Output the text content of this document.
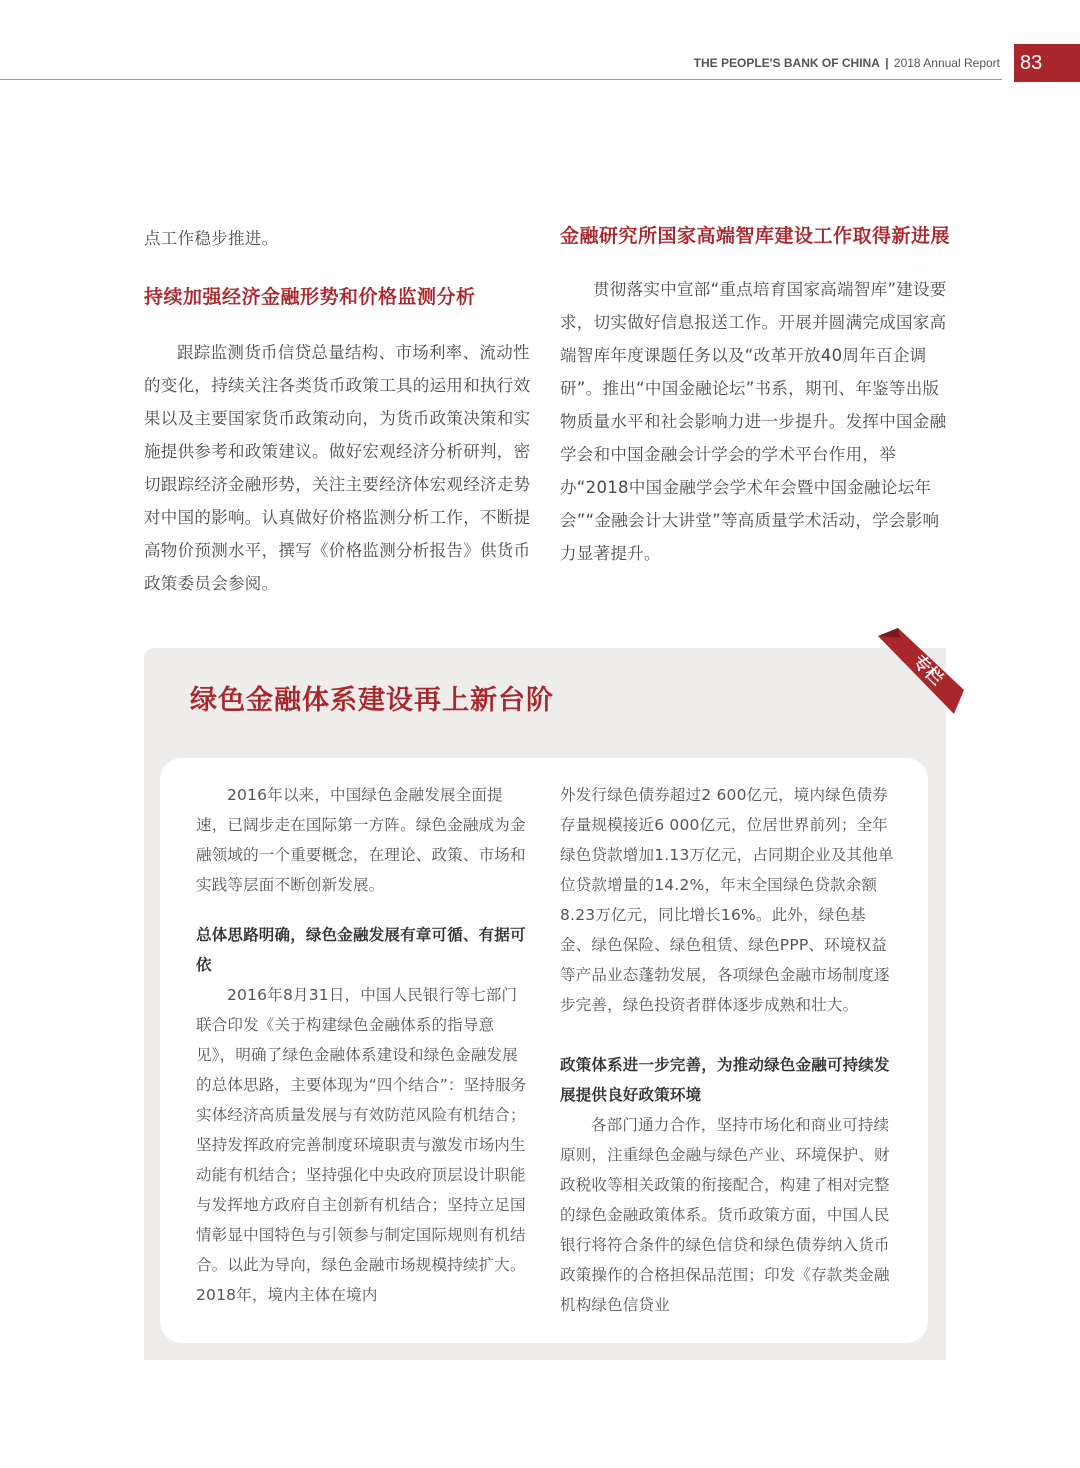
THE PEOPLE'S BANK OF CHINA | 2018 Annual Report	83

点工作稳步推进。

持续加强经济金融形势和价格监测分析

跟踪监测货币信贷总量结构、市场利率、流动性的变化，持续关注各类货币政策工具的运用和执行效果以及主要国家货币政策动向，为货币政策决策和实施提供参考和政策建议。做好宏观经济分析研判，密切跟踪经济金融形势，关注主要经济体宏观经济走势对中国的影响。认真做好价格监测分析工作，不断提高物价预测水平，撰写《价格监测分析报告》供货币政策委员会参阅。

金融研究所国家高端智库建设工作取得新进展

贯彻落实中宣部“重点培育国家高端智库”建设要求，切实做好信息报送工作。开展并圆满完成国家高端智库年度课题任务以及“改革开放40周年百企调研”。推出“中国金融论坛”书系，期刊、年鉴等出版物质量水平和社会影响力进一步提升。发挥中国金融学会和中国金融会计学会的学术平台作用，举办“2018中国金融学会学术年会暨中国金融论坛年会”“金融会计大讲堂”等高质量学术活动，学会影响力显著提升。

绿色金融体系建设再上新台阶

2016年以来，中国绿色金融发展全面提速，已阔步走在国际第一方阵。绿色金融成为金融领域的一个重要概念，在理论、政策、市场和实践等层面不断创新发展。

总体思路明确，绿色金融发展有章可循、有据可依

2016年8月31日，中国人民银行等七部门联合印发《关于构建绿色金融体系的指导意见》，明确了绿色金融体系建设和绿色金融发展的总体思路，主要体现为“四个结合”：坚持服务实体经济高质量发展与有效防范风险有机结合；坚持发挥政府完善制度环境职责与激发市场内生动能有机结合；坚持强化中央政府顶层设计职能与发挥地方政府自主创新有机结合；坚持立足国情彰显中国特色与引领参与制定国际规则有机结合。以此为导向，绿色金融市场规模持续扩大。2018年，境内主体在境内

外发行绿色债券超过2 600亿元，境内绿色债券存量规模接近6 000亿元，位居世界前列；全年绿色贷款增加1.13万亿元，占同期企业及其他单位贷款增量的14.2%，年末全国绿色贷款余额8.23万亿元，同比增长16%。此外，绿色基金、绿色保险、绿色租赁、绿色PPP、环境权益等产品业态蓬勃发展，各项绿色金融市场制度逐步完善，绿色投资者群体逐步成熟和壮大。

政策体系进一步完善，为推动绿色金融可持续发展提供良好政策环境

各部门通力合作，坚持市场化和商业可持续原则，注重绿色金融与绿色产业、环境保护、财政税收等相关政策的衔接配合，构建了相对完整的绿色金融政策体系。货币政策方面，中国人民银行将符合条件的绿色信贷和绿色债券纳入货币政策操作的合格担保品范围；印发《存款类金融机构绿色信贷业

专栏
